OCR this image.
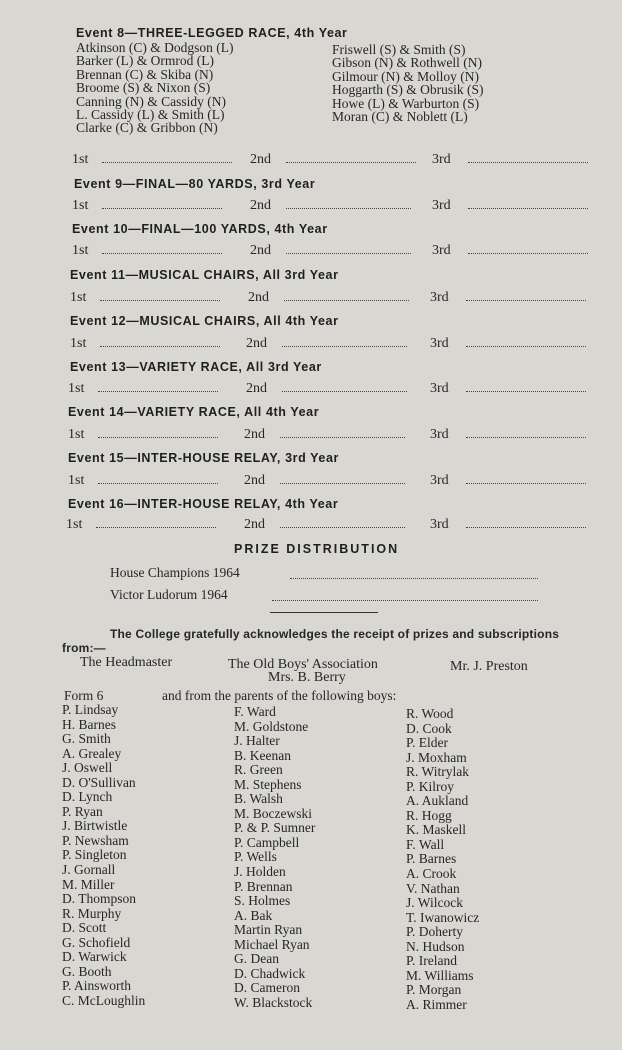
Event 8—THREE-LEGGED RACE, 4th Year
Atkinson (C) & Dodgson (L)
Barker (L) & Ormrod (L)
Brennan (C) & Skiba (N)
Broome (S) & Nixon (S)
Canning (N) & Cassidy (N)
L. Cassidy (L) & Smith (L)
Clarke (C) & Gribbon (N)
Friswell (S) & Smith (S)
Gibson (N) & Rothwell (N)
Gilmour (N) & Molloy (N)
Hoggarth (S) & Obrusik (S)
Howe (L) & Warburton (S)
Moran (C) & Noblett (L)
1st	2nd	3rd
Event 9—FINAL—80 YARDS, 3rd Year
1st	2nd	3rd
Event 10—FINAL—100 YARDS, 4th Year
1st	2nd	3rd
Event 11—MUSICAL CHAIRS, All 3rd Year
1st	2nd	3rd
Event 12—MUSICAL CHAIRS, All 4th Year
1st	2nd	3rd
Event 13—VARIETY RACE, All 3rd Year
1st	2nd	3rd
Event 14—VARIETY RACE, All 4th Year
1st	2nd	3rd
Event 15—INTER-HOUSE RELAY, 3rd Year
1st	2nd	3rd
Event 16—INTER-HOUSE RELAY, 4th Year
1st	2nd	3rd
PRIZE DISTRIBUTION
House Champions 1964
Victor Ludorum 1964
The College gratefully acknowledges the receipt of prizes and subscriptions from:—
The Headmaster	The Old Boys' Association	Mr. J. Preston
Mrs. B. Berry
Form 6	and from the parents of the following boys:
P. Lindsay
H. Barnes
G. Smith
A. Grealey
J. Oswell
D. O'Sullivan
D. Lynch
P. Ryan
J. Birtwistle
P. Newsham
P. Singleton
J. Gornall
M. Miller
D. Thompson
R. Murphy
D. Scott
G. Schofield
D. Warwick
G. Booth
P. Ainsworth
C. McLoughlin
F. Ward
M. Goldstone
J. Halter
B. Keenan
R. Green
M. Stephens
B. Walsh
M. Boczewski
P. & P. Sumner
P. Campbell
P. Wells
J. Holden
P. Brennan
S. Holmes
A. Bak
Martin Ryan
Michael Ryan
G. Dean
D. Chadwick
D. Cameron
W. Blackstock
R. Wood
D. Cook
P. Elder
J. Moxham
R. Witrylak
P. Kilroy
A. Aukland
R. Hogg
K. Maskell
F. Wall
P. Barnes
A. Crook
V. Nathan
J. Wilcock
T. Iwanowicz
P. Doherty
N. Hudson
P. Ireland
M. Williams
P. Morgan
A. Rimmer
